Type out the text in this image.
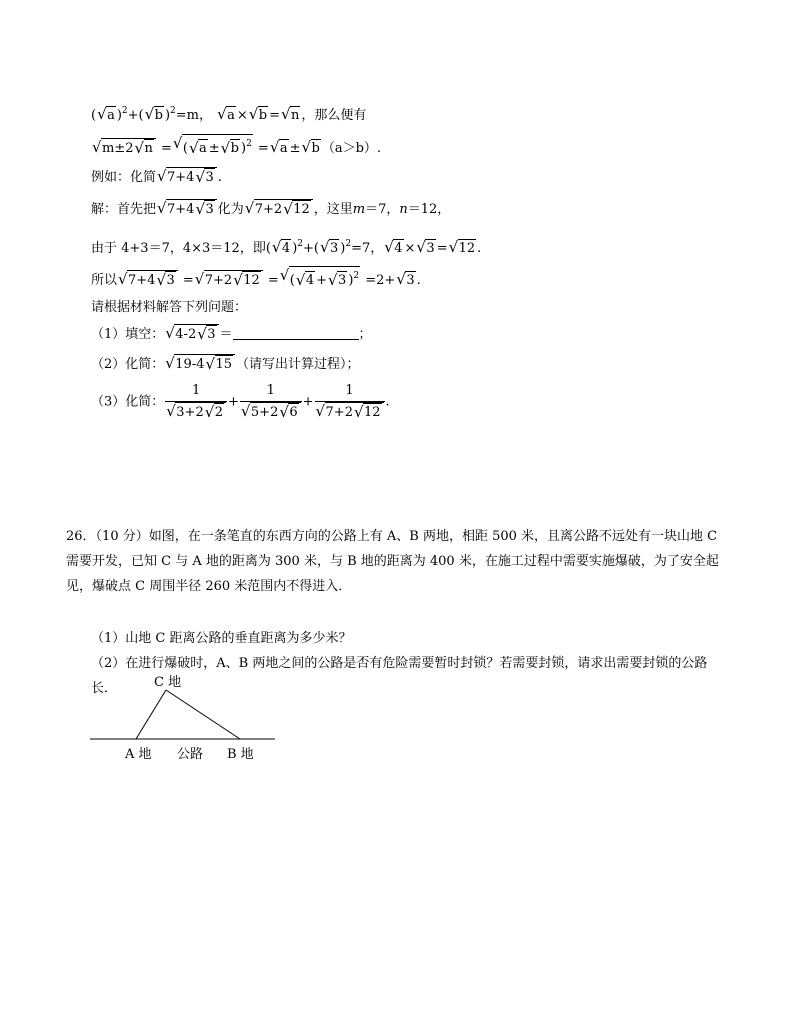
( √ a )$^2$+( √ b )$^2$=m， √ a × √ b = √ n ，那么便有
√ m±2 √ n = √ ( √ a ± √ b )$^2$ = √ a ± √ b （a＞b）.
例如：化简 √ 7+4 √ 3 .
解：首先把 √ 7+4 √ 3 化为 √ 7+2 √ 12 ，这里m＝7，n＝12，
由于 4+3＝7，4×3＝12，即( √ 4 )$^2$+( √ 3 )$^2$=7， √ 4 × √ 3 = √ 12 .
所以 √ 7+4 √ 3 = √ 7+2 √ 12 = √ ( √ 4 + √ 3 )$^2$ =2+ √ 3 .
请根据材料解答下列问题：
（1）填空： √ 4-2 √ 3 ＝	；
（2）化简： √ 19-4 √ 15 （请写出计算过程）；
（3）化简： $\frac{1}{√ 3+2 √ 2} + \frac{1}{√ 5+2 √ 6} + \frac{1}{√ 7+2 √ 12}$ .
26．（10 分）如图，在一条笔直的东西方向的公路上有 A、B 两地，相距 500 米，且离公路不远处有一块山地 C 需要开发，已知 C 与 A 地的距离为 300 米，与 B 地的距离为 400 米，在施工过程中需要实施爆破，为了安全起见，爆破点 C 周围半径 260 米范围内不得进入．
（1）山地 C 距离公路的垂直距离为多少米？
（2）在进行爆破时，A、B 两地之间的公路是否有危险需要暂时封锁？若需要封锁，请求出需要封锁的公路长．	C 地
A 地 公路 B 地
